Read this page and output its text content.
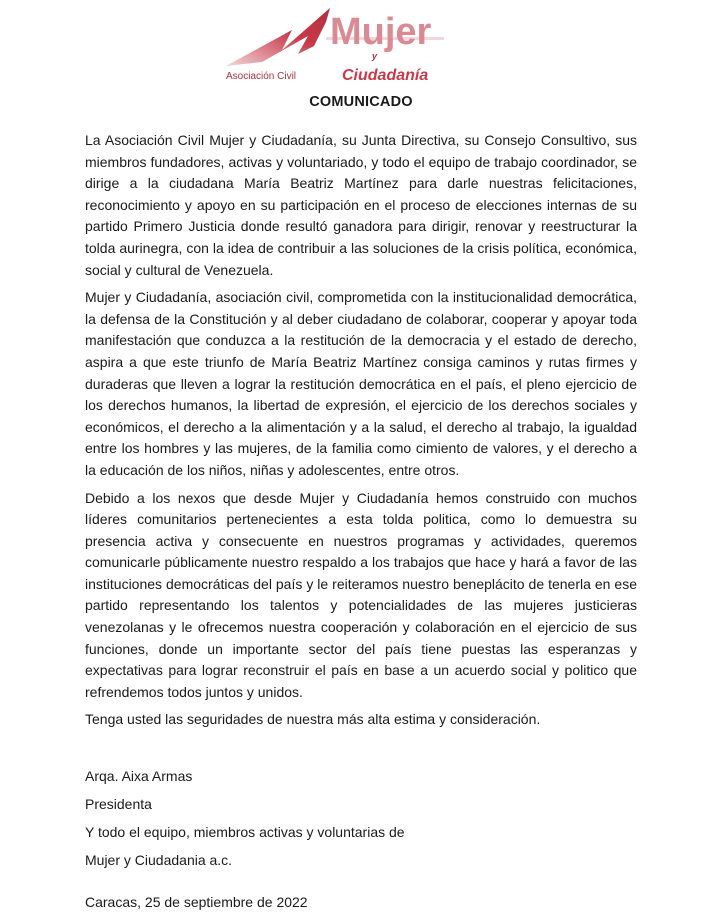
Mujer
y
Asociación Civil	Ciudadanía
COMUNICADO

La Asociación Civil Mujer y Ciudadanía, su Junta Directiva, su Consejo Consultivo, sus miembros fundadores, activas y voluntariado, y todo el equipo de trabajo coordinador, se dirige a la ciudadana María Beatriz Martínez para darle nuestras felicitaciones, reconocimiento y apoyo en su participación en el proceso de elecciones internas de su partido Primero Justicia donde resultó ganadora para dirigir, renovar y reestructurar la tolda aurinegra, con la idea de contribuir a las soluciones de la crisis política, económica, social y cultural de Venezuela.

Mujer y Ciudadanía, asociación civil, comprometida con la institucionalidad democrática, la defensa de la Constitución y al deber ciudadano de colaborar, cooperar y apoyar toda manifestación que conduzca a la restitución de la democracia y el estado de derecho, aspira a que este triunfo de María Beatriz Martínez consiga caminos y rutas firmes y duraderas que lleven a lograr la restitución democrática en el país, el pleno ejercicio de los derechos humanos, la libertad de expresión, el ejercicio de los derechos sociales y económicos, el derecho a la alimentación y a la salud, el derecho al trabajo, la igualdad entre los hombres y las mujeres, de la familia como cimiento de valores, y el derecho a la educación de los niños, niñas y adolescentes, entre otros.

Debido a los nexos que desde Mujer y Ciudadanía hemos construido con muchos líderes comunitarios pertenecientes a esta tolda politica, como lo demuestra su presencia activa y consecuente en nuestros programas y actividades, queremos comunicarle públicamente nuestro respaldo a los trabajos que hace y hará a favor de las instituciones democráticas del país y le reiteramos nuestro beneplácito de tenerla en ese partido representando los talentos y potencialidades de las mujeres justicieras venezolanas y le ofrecemos nuestra cooperación y colaboración en el ejercicio de sus funciones, donde un importante sector del país tiene puestas las esperanzas y expectativas para lograr reconstruir el país en base a un acuerdo social y politico que refrendemos todos juntos y unidos.

Tenga usted las seguridades de nuestra más alta estima y consideración.

Arqa. Aixa Armas
Presidenta
Y todo el equipo, miembros activas y voluntarias de
Mujer y Ciudadania a.c.
Caracas, 25 de septiembre de 2022
